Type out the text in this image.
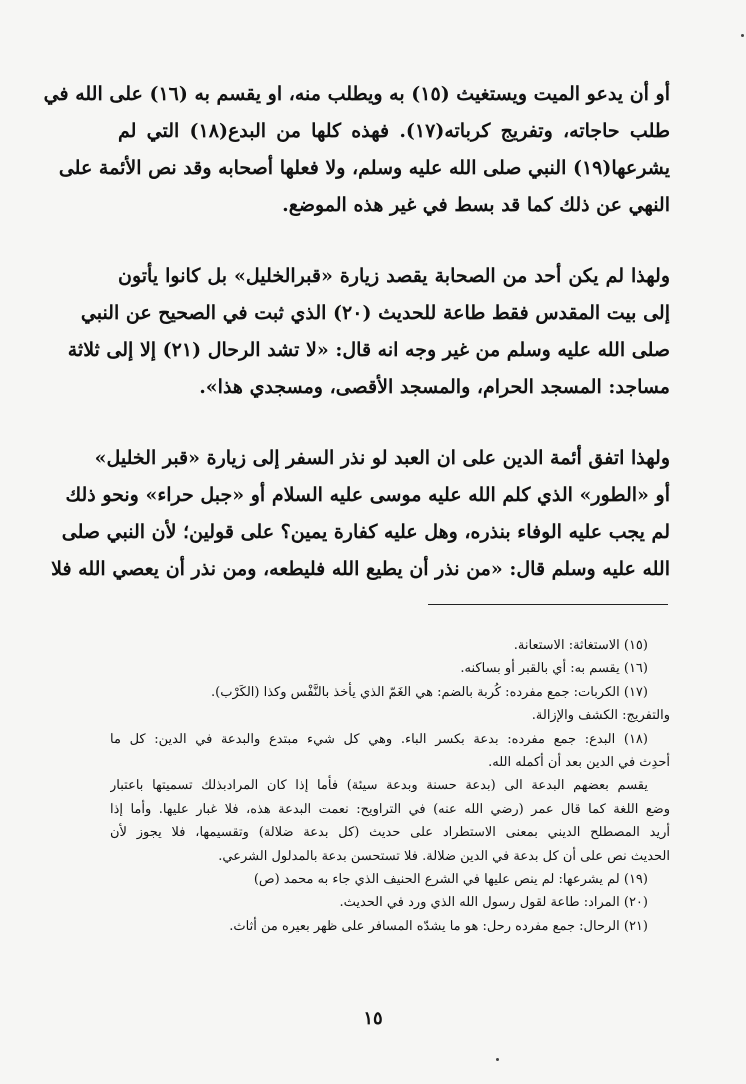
أو أن يدعو الميت ويستغيث (١٥) به ويطلب منه، او يقسم به (١٦) على الله في
طلب حاجاته، وتفريج كرباته(١٧). فهذه كلها من البدع(١٨) التي لم
يشرعها(١٩) النبي صلى الله عليه وسلم، ولا فعلها أصحابه وقد نص الأئمة على
النهي عن ذلك كما قد بسط في غير هذه الموضع.
ولهذا لم يكن أحد من الصحابة يقصد زيارة «قبرالخليل» بل كانوا يأتون
إلى بيت المقدس فقط طاعة للحديث (٢٠) الذي ثبت في الصحيح عن النبي
صلى الله عليه وسلم من غير وجه انه قال: «لا تشد الرحال (٢١) إلا إلى ثلاثة
مساجد: المسجد الحرام، والمسجد الأقصى، ومسجدي هذا».
ولهذا اتفق أئمة الدين على ان العبد لو نذر السفر إلى زيارة «قبر الخليل»
أو «الطور» الذي كلم الله عليه موسى عليه السلام أو «جبل حراء» ونحو ذلك
لم يجب عليه الوفاء بنذره، وهل عليه كفارة يمين؟ على قولين؛ لأن النبي صلى
الله عليه وسلم قال: «من نذر أن يطيع الله فليطعه، ومن نذر أن يعصي الله فلا
(١٥) الاستغاثة: الاستعانة.
(١٦) يقسم به: أي بالقبر أو بساكنه.
(١٧) الكربات: جمع مفرده: كُربة بالضم: هي الغَمّ الذي يأخذ بالنَّفْس وكذا (الكَرْب).
والتفريج: الكشف والإزالة.
(١٨) البدع: جمع مفرده: بدعة بكسر الباء. وهي كل شيء مبتدع والبدعة في الدين: كل ما
أحدِث في الدين بعد أن أكمله الله.
يقسم بعضهم البدعة الى (بدعة حسنة وبدعة سيئة) فأما إذا كان المرادبذلك تسميتها باعتبار
وضع اللغة كما قال عمر (رضي الله عنه) في التراويح: نعمت البدعة هذه، فلا غبار عليها. وأما إذا
أريد المصطلح الديني بمعنى الاستطراد على حديث (كل بدعة ضلالة) وتقسيمها، فلا يجوز لأن
الحديث نص على أن كل بدعة في الدين ضلالة. فلا تستحسن بدعة بالمدلول الشرعي.
(١٩) لم يشرعها: لم ينص عليها في الشرع الحنيف الذي جاء به محمد (ص)
(٢٠) المراد: طاعة لقول رسول الله الذي ورد في الحديث.
(٢١) الرحال: جمع مفرده رحل: هو ما يشدّه المسافر على ظهر بعيره من أثاث.
١٥
